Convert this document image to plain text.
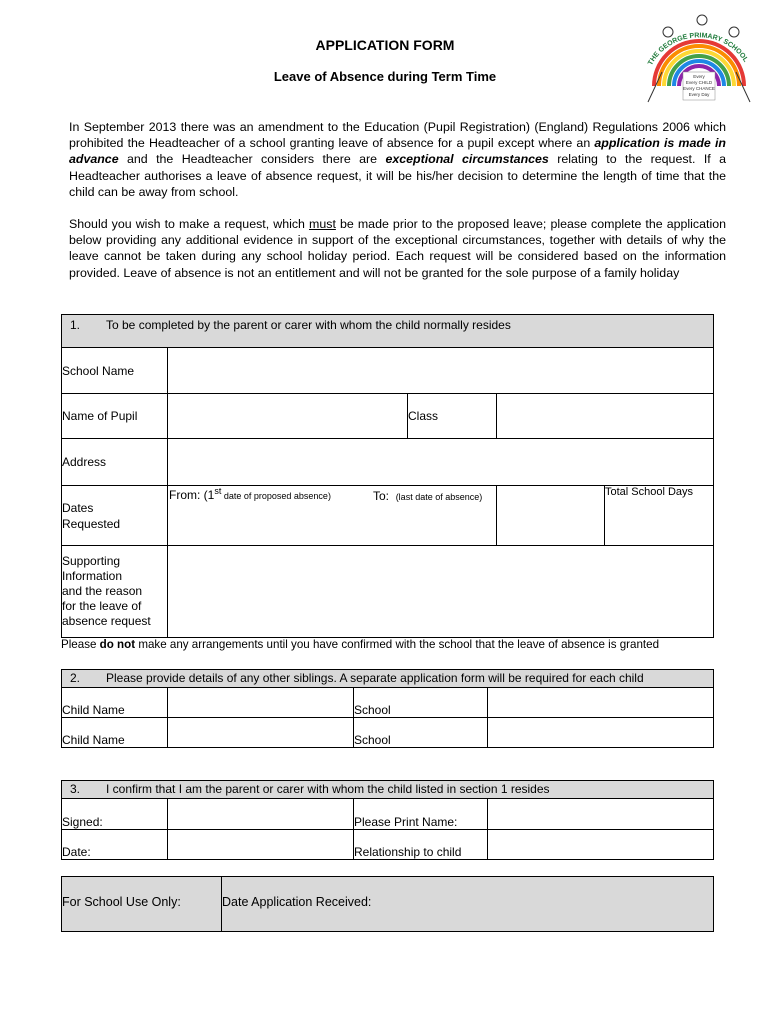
APPLICATION FORM
Leave of Absence during Term Time	Every
Every CHILD
Every CHANCE
Every Day
THE GEORGE PRIMARY SCHOOL
In September 2013 there was an amendment to the Education (Pupil Registration) (England) Regulations 2006 which prohibited the Headteacher of a school granting leave of absence for a pupil except where an application is made in advance and the Headteacher considers there are exceptional circumstances relating to the request. If a Headteacher authorises a leave of absence request, it will be his/her decision to determine the length of time that the child can be away from school.
Should you wish to make a request, which must be made prior to the proposed leave; please complete the application below providing any additional evidence in support of the exceptional circumstances, together with details of why the leave cannot be taken during any school holiday period. Each request will be considered based on the information provided. Leave of absence is not an entitlement and will not be granted for the sole purpose of a family holiday
1. To be completed by the parent or carer with whom the child normally resides				
School Name				
Name of Pupil		Class		
Address				
Dates
Requested	From: (1st date of proposed absence)		To: (last date of absence)	Total School Days
Supporting
Information
and the reason
for the leave of
absence request				
Please do not make any arrangements until you have confirmed with the school that the leave of absence is granted
2. Please provide details of any other siblings. A separate application form will be required for each child			
Child Name		School	
Child Name		School	
3. I confirm that I am the parent or carer with whom the child listed in section 1 resides			
Signed:		Please Print Name:	
Date:		Relationship to child	
For School Use Only:	Date Application Received:
